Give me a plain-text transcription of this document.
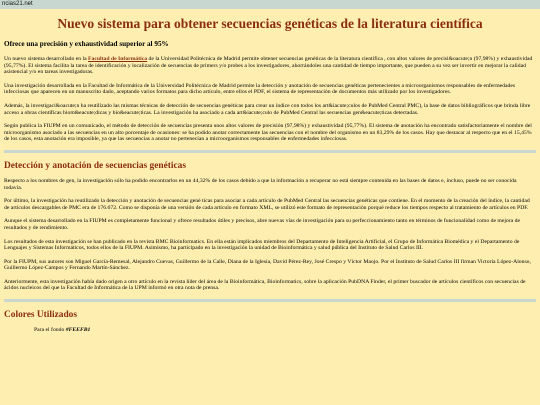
ncias21.net
Nuevo sistema para obtener secuencias genéticas de la literatura científica
Ofrece una precisión y exhaustividad superior al 95%

Un nuevo sistema desarrollado en la Facultad de Informática de la Universidad Politécnica de Madrid permite obtener secuencias genéticas de la literatura científica , con altos valores de precisi&oacute;n (97,98%) y exhaustividad (95,77%). El sistema facilita la tarea de identificación y localización de secuencias de primers y/o probes a los investigadores, ahorrándoles una cantidad de tiempo importante, que pueden a su vez ser invertir en mejorar la calidad asistencial y/o en tareas investigadoras.

Una investigación desarrollada en la Facultad de Informática de la Universidad Politécnica de Madrid permite la detección y anotación de secuencias genéticas pertenecientes a microorganismos responsables de enfermedades infecciosas que aparecen en un manuscrito dado, aceptando varios formatos para dicho artículo, entre ellos el PDF, el sistema de representación de documentos más utilizado por los investigadores.

Además, la investigaci&oacute;n ha reutilizado las mismas técnicas de detección de secuencias genéticas para crear un índice con todos los art&iacute;culos de PubMed Central PMC), la base de datos bibliográficos que brinda libre acceso a obras científicas biom&eacute;dicas y bio&eacute;ticas. La investigación ha asociado a cada art&iacute;culo de PubMed Central las secuencias gen&eacute;ticas detectadas.

Según publica la FIUPM en un comunicado, el método de detección de secuencias presenta unos altos valores de precisión (97,98%) y exhaustividad (95,77%). El sistema de anotación ha encontrado satisfactoriamente el nombre del microorganismo asociado a las secuencias en un alto porcentaje de ocasiones: se ha podido anotar correctamente las secuencias con el nombre del organismo en un 83,29% de los casos. Hay que destacar al respecto que en el 15,45% de los casos, esta anotación era imposible, ya que las secuencias a anotar no pertenecían a microorganismos responsables de enfermedades infecciosas.

Detección y anotación de secuencias genéticas

Respecto a los nombres de gen, la investigación sólo ha podido encontrarlos en un 44,32% de los casos debido a que la información a recuperar no está siempre contenida en las bases de datos e, incluso, puede no ser conocida todavía.

Por último, la investigación ha reutilizado la detección y anotación de secuencias gené ticas para asociar a cada artículo de PubMed Central las secuencias genéticas que contiene. En el momento de la creación del índice, la cantidad de artículos descargables de PMC era de 176.672. Como se disponía de una versión de cada artículo en formato XML, se utilizó este formato de representación porqué reduce los tiempos respecto al tratamiento de artículos en PDF.

Aunque el sistema desarrollado en la FIUPM es completamente funcional y ofrece resultados útiles y precisos, abre nuevas vías de investigación para su perfeccionamiento tanto en términos de funcionalidad como de mejora de resultados y de rendimiento.

Los resultados de esta investigación se han publicado en la revista BMC Bioinformatics. En ella están implicados miembros del Departamento de Inteligencia Artificial, el Grupo de Informática Biomédica y el Departamento de Lenguajes y Sistemas Informáticos, todos ellos de la FIUPM. Asimismo, ha participado en la investigación la unidad de Bioinformática y salud pública del Instituto de Salud Carlos III.

Por la FIUPM, sus autores son Miguel García-Remesal, Alejandro Cuevas, Guillermo de la Calle, Diana de la Iglesia, David Pérez-Rey, José Crespo y Víctor Maojo. Por el Instituto de Salud Carlos III firman Victoria López-Alonso, Guillermo López-Campos y Fernando Martín-Sánchez.

Anteriormente, esta investigación había dado origen a otro artículo en la revista líder del área de la Bioinformática, Bioinformatics, sobre la aplicación PubDNA Finder, el primer buscador de artículos científicos con secuencias de ácidos nucleicos del que la Facultad de Informática de la UPM informó en otra nota de prensa.

Colores Utilizados

Para el fondo #FEEFB1
